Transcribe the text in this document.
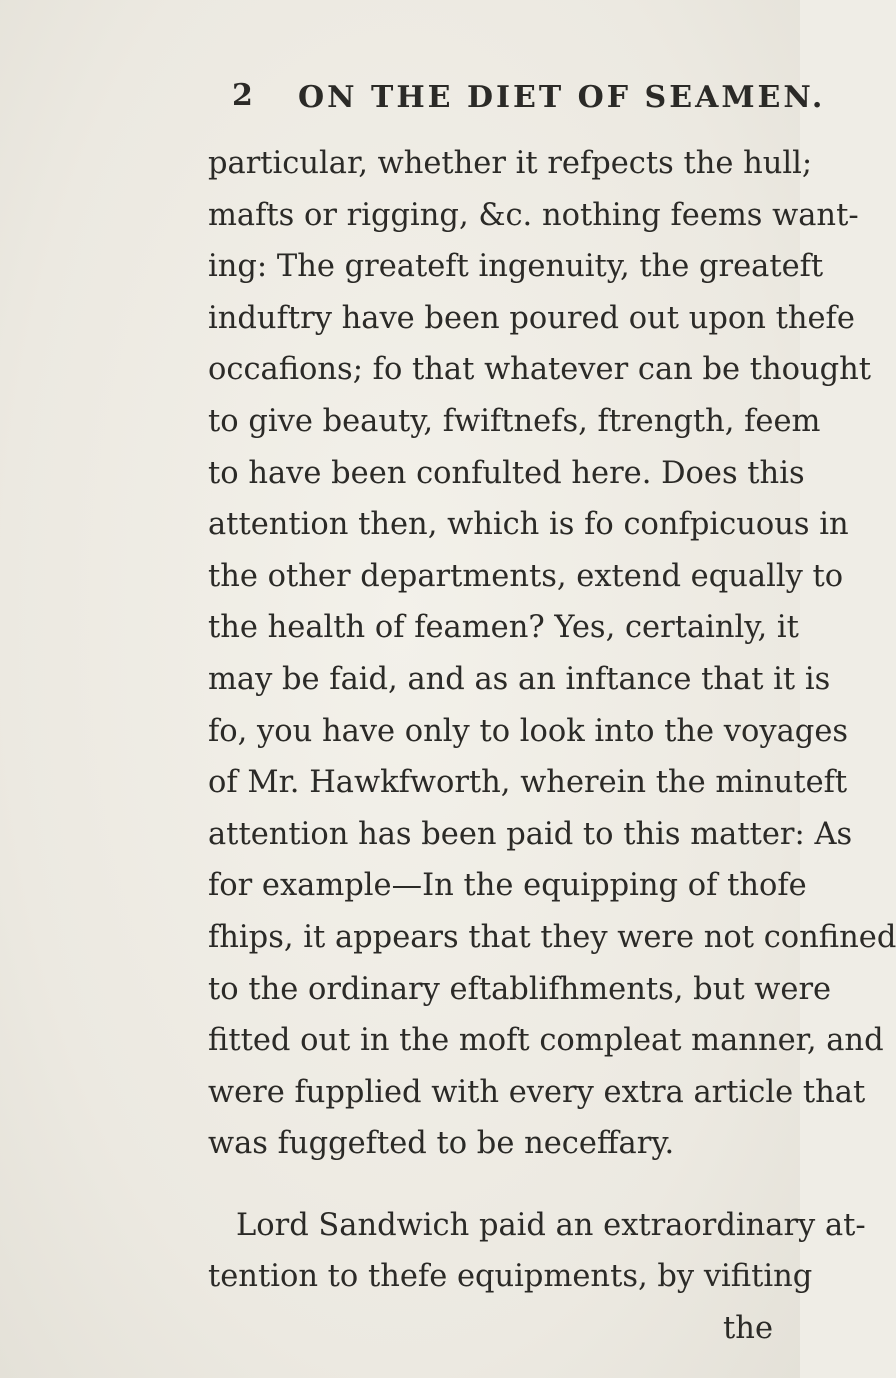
2 ON THE DIET OF SEAMEN.
particular, whether it refpects the hull;
mafts or rigging, &c. nothing feems want-
ing: The greateft ingenuity, the greateft
induftry have been poured out upon thefe
occafions; fo that whatever can be thought
to give beauty, fwiftnefs, ftrength, feem
to have been confulted here. Does this
attention then, which is fo confpicuous in
the other departments, extend equally to
the health of feamen? Yes, certainly, it
may be faid, and as an inftance that it is
fo, you have only to look into the voyages
of Mr. Hawkfworth, wherein the minuteft
attention has been paid to this matter: As
for example—In the equipping of thofe
fhips, it appears that they were not confined
to the ordinary eftablifhments, but were
fitted out in the moft compleat manner, and
were fupplied with every extra article that
was fuggefted to be neceffary.
Lord Sandwich paid an extraordinary at-
tention to thefe equipments, by vifiting
the
